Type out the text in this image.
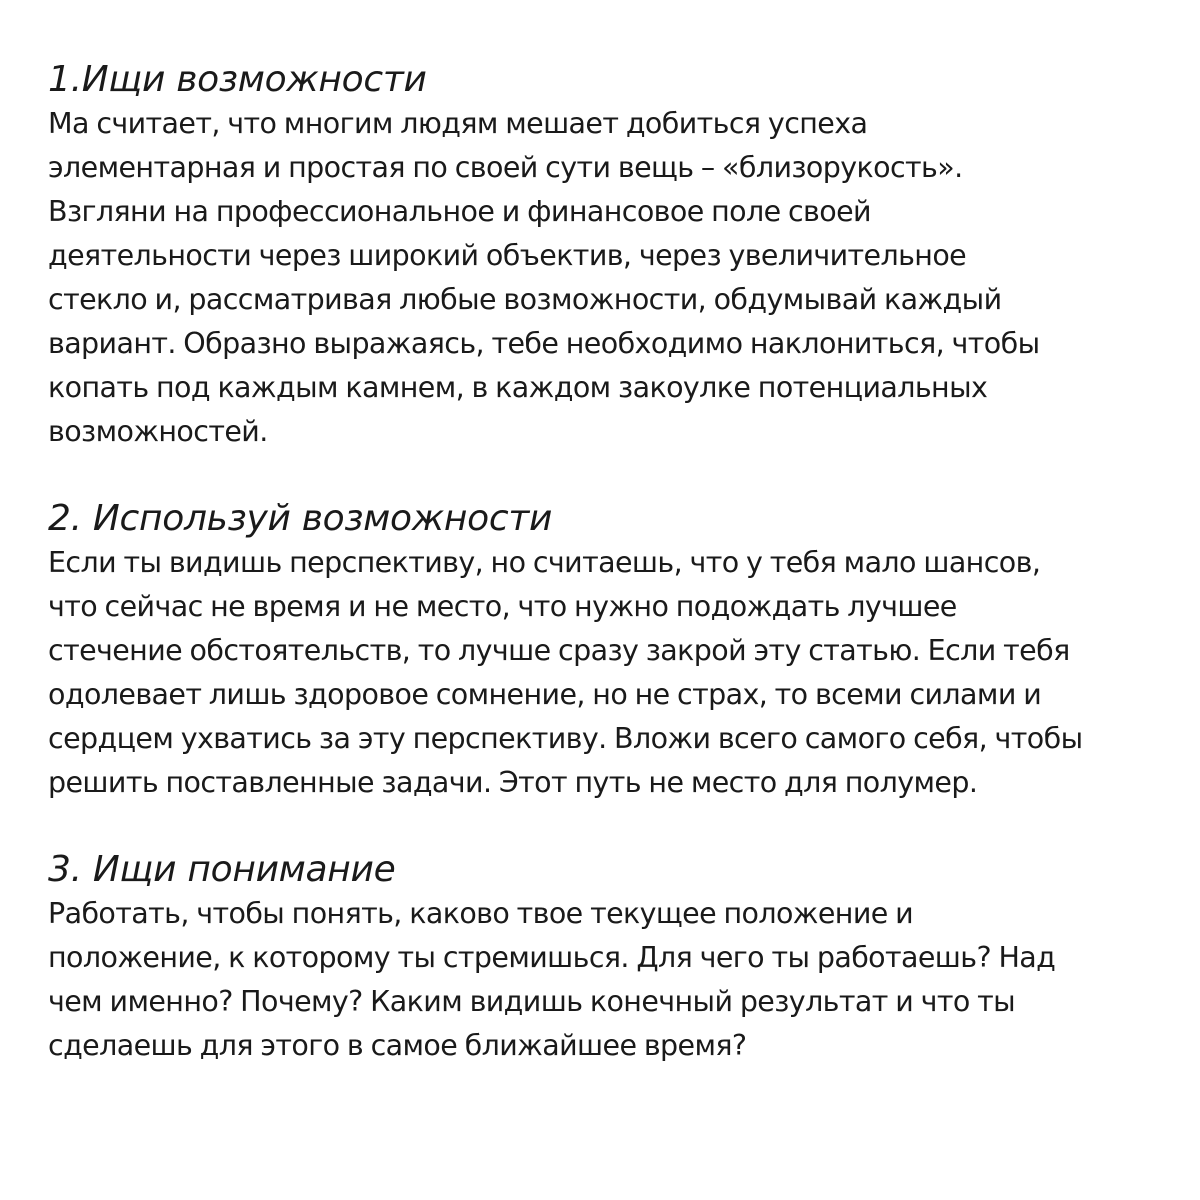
1.Ищи возможности

Ма считает, что многим людям мешает добиться успеха
элементарная и простая по своей сути вещь – «близорукость».
Взгляни на профессиональное и финансовое поле своей
деятельности через широкий объектив, через увеличительное
стекло и, рассматривая любые возможности, обдумывай каждый
вариант. Образно выражаясь, тебе необходимо наклониться, чтобы
копать под каждым камнем, в каждом закоулке потенциальных
возможностей.

2. Используй возможности

Если ты видишь перспективу, но считаешь, что у тебя мало шансов,
что сейчас не время и не место, что нужно подождать лучшее
стечение обстоятельств, то лучше сразу закрой эту статью. Если тебя
одолевает лишь здоровое сомнение, но не страх, то всеми силами и
сердцем ухватись за эту перспективу. Вложи всего самого себя, чтобы
решить поставленные задачи. Этот путь не место для полумер.

3. Ищи понимание

Работать, чтобы понять, каково твое текущее положение и
положение, к которому ты стремишься. Для чего ты работаешь? Над
чем именно? Почему? Каким видишь конечный результат и что ты
сделаешь для этого в самое ближайшее время?
